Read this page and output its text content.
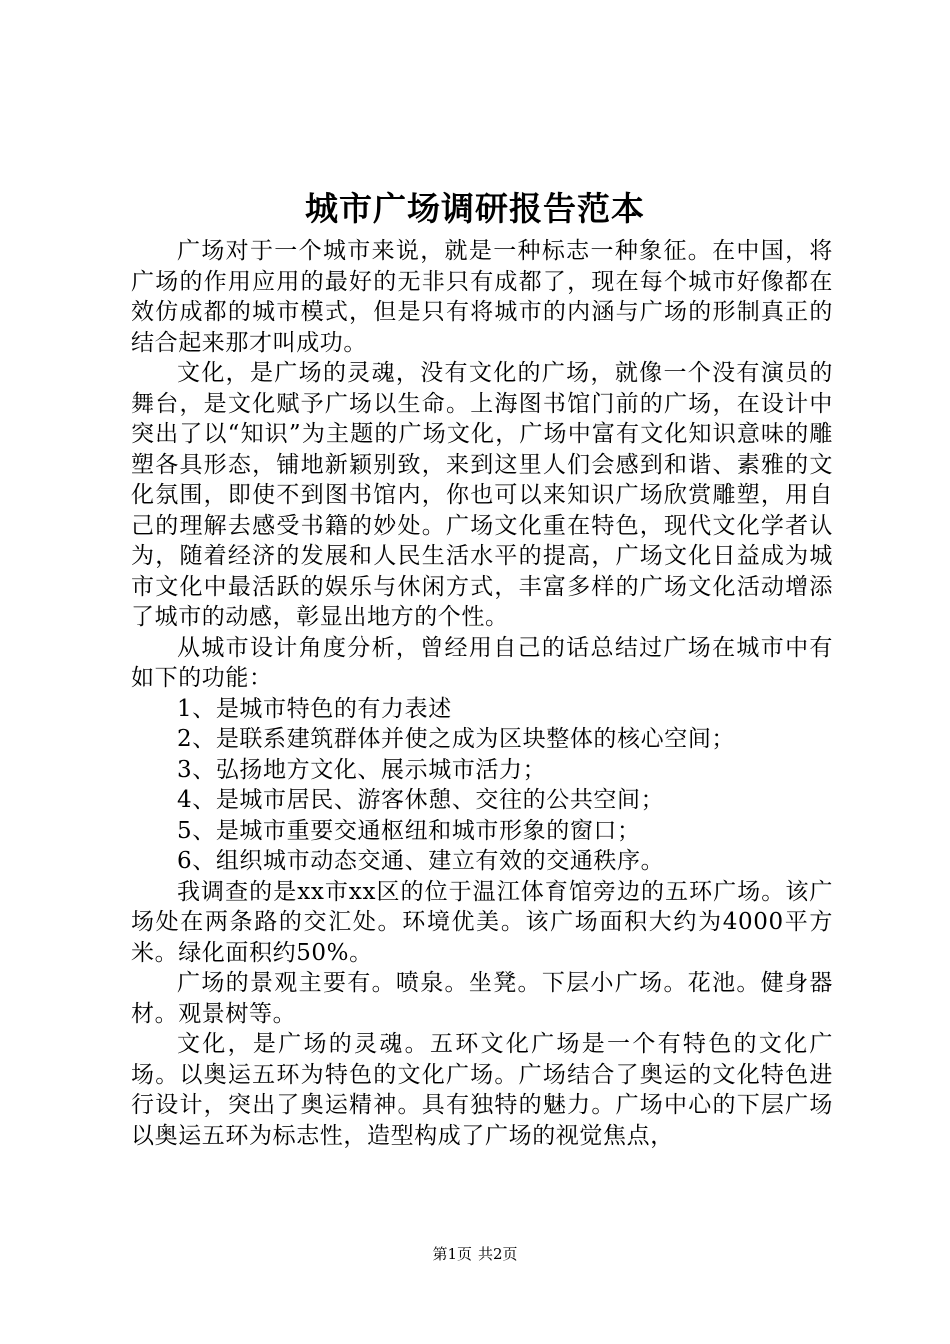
城市广场调研报告范本

广场对于一个城市来说，就是一种标志一种象征。在中国，将广场的作用应用的最好的无非只有成都了，现在每个城市好像都在效仿成都的城市模式，但是只有将城市的内涵与广场的形制真正的结合起来那才叫成功。

文化，是广场的灵魂，没有文化的广场，就像一个没有演员的舞台，是文化赋予广场以生命。上海图书馆门前的广场，在设计中突出了以“知识”为主题的广场文化，广场中富有文化知识意味的雕塑各具形态，铺地新颖别致，来到这里人们会感到和谐、素雅的文化氛围，即使不到图书馆内，你也可以来知识广场欣赏雕塑，用自己的理解去感受书籍的妙处。广场文化重在特色，现代文化学者认为，随着经济的发展和人民生活水平的提高，广场文化日益成为城市文化中最活跃的娱乐与休闲方式，丰富多样的广场文化活动增添了城市的动感，彰显出地方的个性。

从城市设计角度分析，曾经用自己的话总结过广场在城市中有如下的功能：

1、是城市特色的有力表述

2、是联系建筑群体并使之成为区块整体的核心空间；

3、弘扬地方文化、展示城市活力；

4、是城市居民、游客休憩、交往的公共空间；

5、是城市重要交通枢纽和城市形象的窗口；

6、组织城市动态交通、建立有效的交通秩序。

我调查的是xx市xx区的位于温江体育馆旁边的五环广场。该广场处在两条路的交汇处。环境优美。该广场面积大约为4000平方米。绿化面积约50%。

广场的景观主要有。喷泉。坐凳。下层小广场。花池。健身器材。观景树等。

文化，是广场的灵魂。五环文化广场是一个有特色的文化广场。以奥运五环为特色的文化广场。广场结合了奥运的文化特色进行设计，突出了奥运精神。具有独特的魅力。广场中心的下层广场以奥运五环为标志性，造型构成了广场的视觉焦点，

第1页 共2页
